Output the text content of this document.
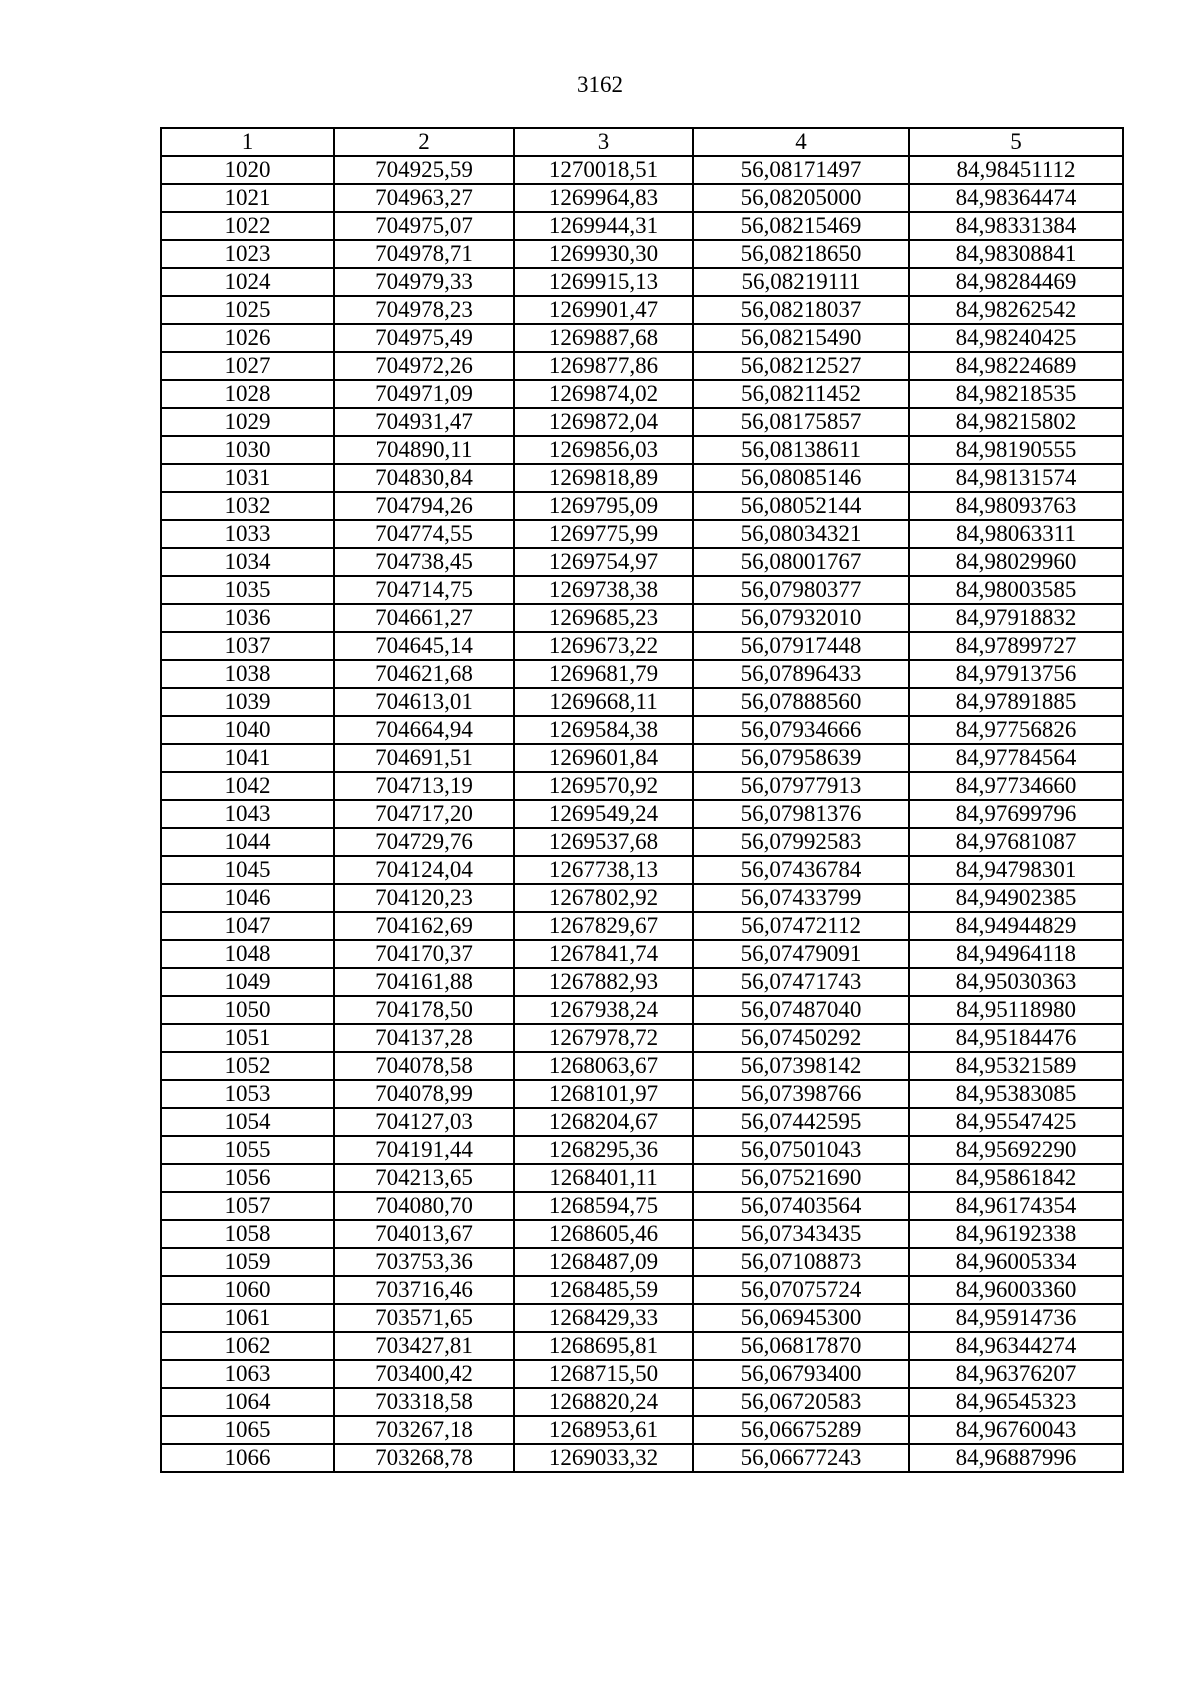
3162
1	2	3	4	5
1020	704925,59	1270018,51	56,08171497	84,98451112
1021	704963,27	1269964,83	56,08205000	84,98364474
1022	704975,07	1269944,31	56,08215469	84,98331384
1023	704978,71	1269930,30	56,08218650	84,98308841
1024	704979,33	1269915,13	56,08219111	84,98284469
1025	704978,23	1269901,47	56,08218037	84,98262542
1026	704975,49	1269887,68	56,08215490	84,98240425
1027	704972,26	1269877,86	56,08212527	84,98224689
1028	704971,09	1269874,02	56,08211452	84,98218535
1029	704931,47	1269872,04	56,08175857	84,98215802
1030	704890,11	1269856,03	56,08138611	84,98190555
1031	704830,84	1269818,89	56,08085146	84,98131574
1032	704794,26	1269795,09	56,08052144	84,98093763
1033	704774,55	1269775,99	56,08034321	84,98063311
1034	704738,45	1269754,97	56,08001767	84,98029960
1035	704714,75	1269738,38	56,07980377	84,98003585
1036	704661,27	1269685,23	56,07932010	84,97918832
1037	704645,14	1269673,22	56,07917448	84,97899727
1038	704621,68	1269681,79	56,07896433	84,97913756
1039	704613,01	1269668,11	56,07888560	84,97891885
1040	704664,94	1269584,38	56,07934666	84,97756826
1041	704691,51	1269601,84	56,07958639	84,97784564
1042	704713,19	1269570,92	56,07977913	84,97734660
1043	704717,20	1269549,24	56,07981376	84,97699796
1044	704729,76	1269537,68	56,07992583	84,97681087
1045	704124,04	1267738,13	56,07436784	84,94798301
1046	704120,23	1267802,92	56,07433799	84,94902385
1047	704162,69	1267829,67	56,07472112	84,94944829
1048	704170,37	1267841,74	56,07479091	84,94964118
1049	704161,88	1267882,93	56,07471743	84,95030363
1050	704178,50	1267938,24	56,07487040	84,95118980
1051	704137,28	1267978,72	56,07450292	84,95184476
1052	704078,58	1268063,67	56,07398142	84,95321589
1053	704078,99	1268101,97	56,07398766	84,95383085
1054	704127,03	1268204,67	56,07442595	84,95547425
1055	704191,44	1268295,36	56,07501043	84,95692290
1056	704213,65	1268401,11	56,07521690	84,95861842
1057	704080,70	1268594,75	56,07403564	84,96174354
1058	704013,67	1268605,46	56,07343435	84,96192338
1059	703753,36	1268487,09	56,07108873	84,96005334
1060	703716,46	1268485,59	56,07075724	84,96003360
1061	703571,65	1268429,33	56,06945300	84,95914736
1062	703427,81	1268695,81	56,06817870	84,96344274
1063	703400,42	1268715,50	56,06793400	84,96376207
1064	703318,58	1268820,24	56,06720583	84,96545323
1065	703267,18	1268953,61	56,06675289	84,96760043
1066	703268,78	1269033,32	56,06677243	84,96887996
